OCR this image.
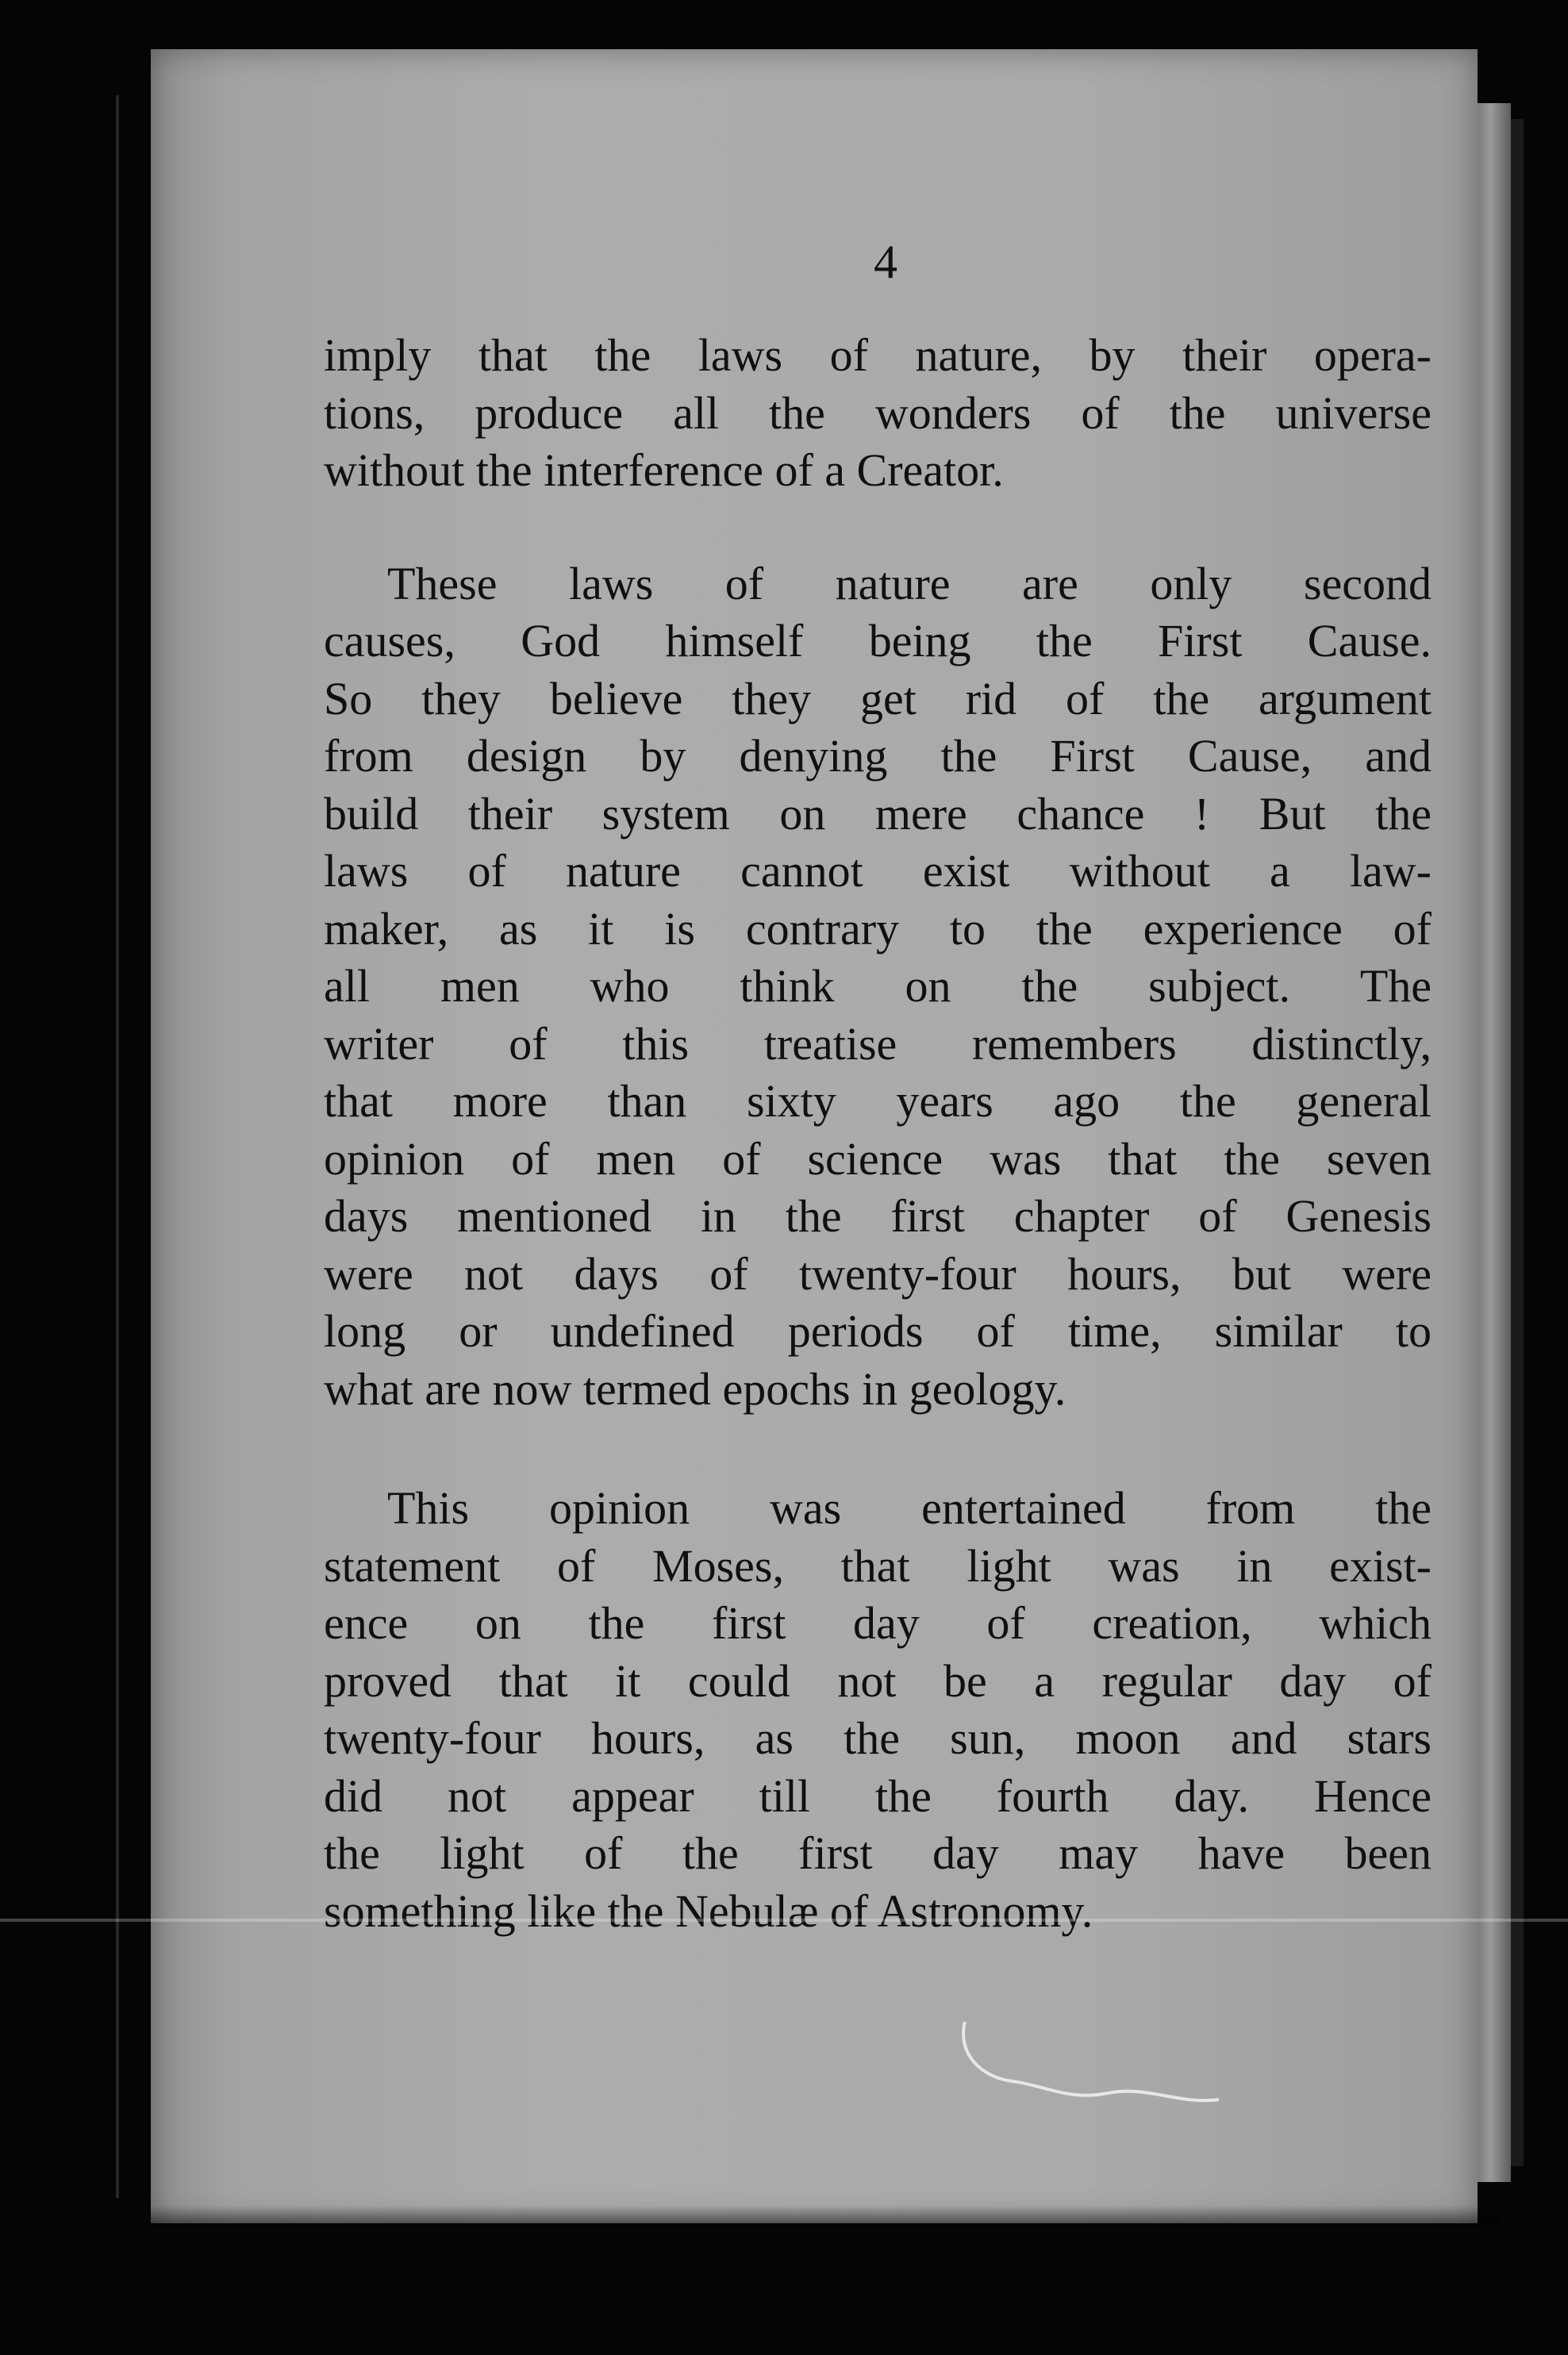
4

imply that the laws of nature, by their opera-
tions, produce all the wonders of the universe
without the interference of a Creator.
These laws of nature are only second
causes, God himself being the First Cause.
So they believe they get rid of the argument
from design by denying the First Cause, and
build their system on mere chance ! But the
laws of nature cannot exist without a law-
maker, as it is contrary to the experience of
all men who think on the subject. The
writer of this treatise remembers distinctly,
that more than sixty years ago the general
opinion of men of science was that the seven
days mentioned in the first chapter of Genesis
were not days of twenty-four hours, but were
long or undefined periods of time, similar to
what are now termed epochs in geology.
This opinion was entertained from the
statement of Moses, that light was in exist-
ence on the first day of creation, which
proved that it could not be a regular day of
twenty-four hours, as the sun, moon and stars
did not appear till the fourth day. Hence
the light of the first day may have been
something like the Nebulæ of Astronomy.
